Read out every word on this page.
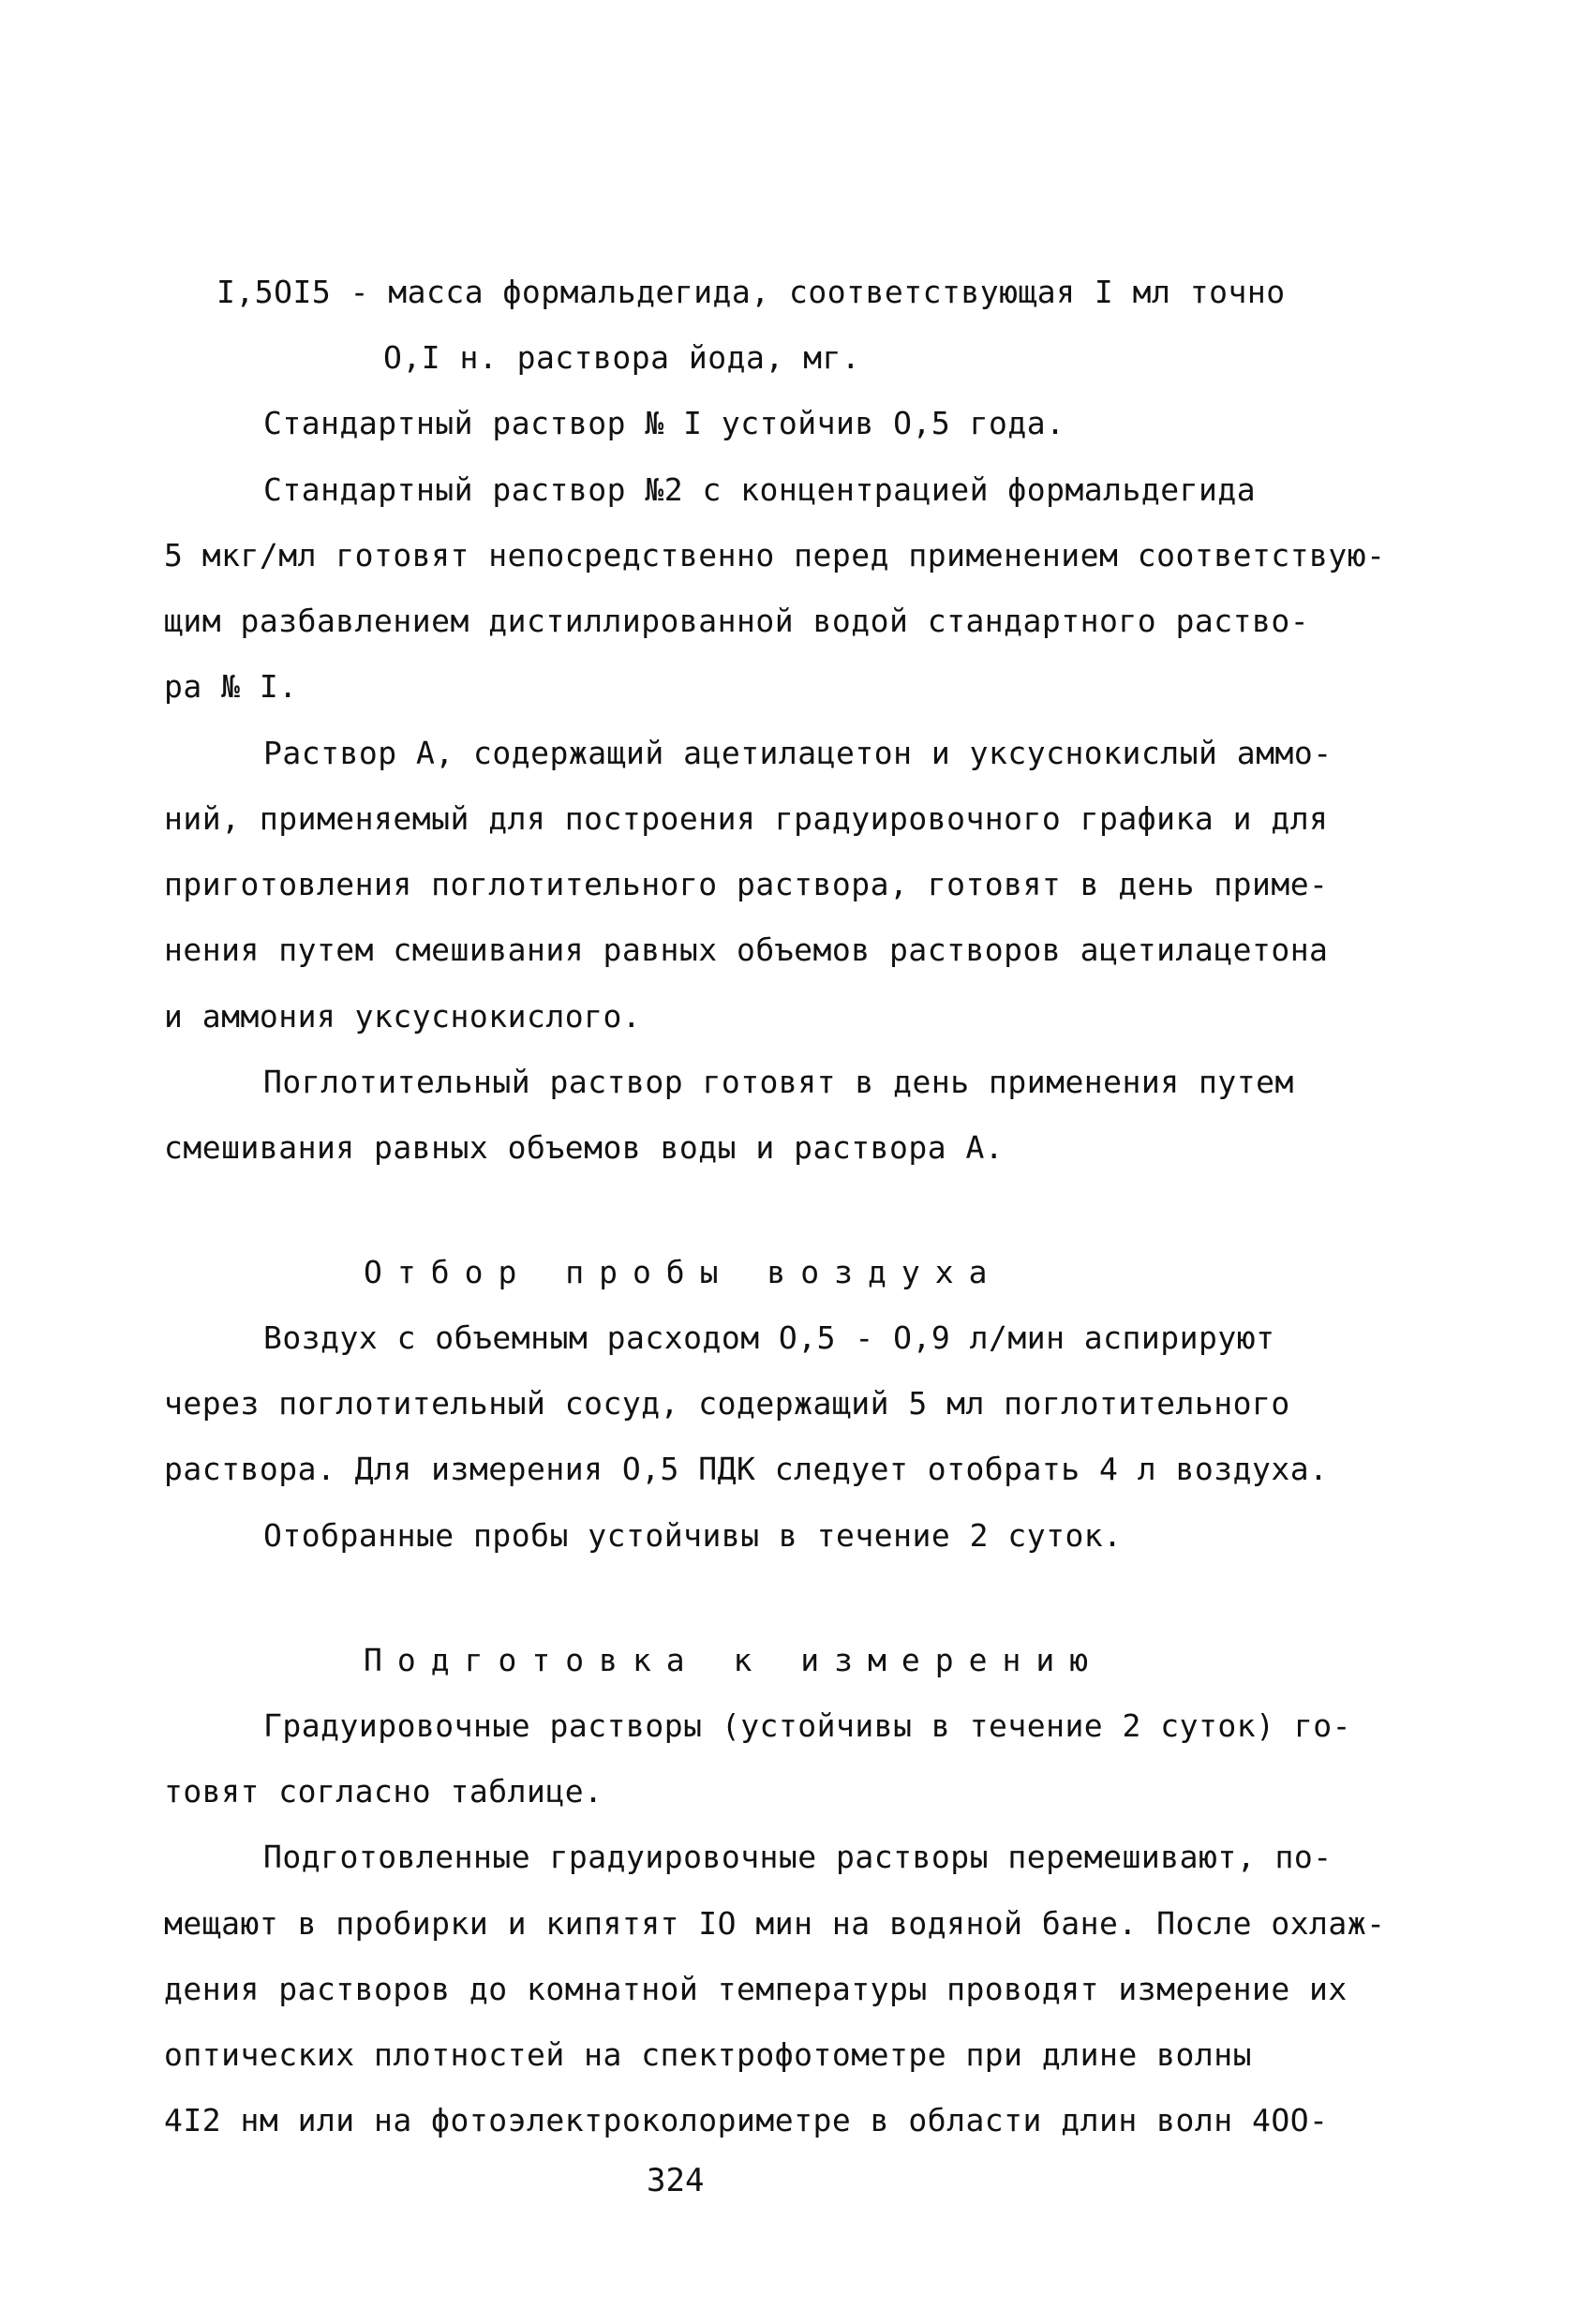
I,5OI5 - масса формальдегида, соответствующая I мл точно
O,I н. раствора йода, мг.
Стандартный раствор № I устойчив O,5 года.
Стандартный раствор №2 с концентрацией формальдегида
5 мкг/мл готовят непосредственно перед применением соответствую-
щим разбавлением дистиллированной водой стандартного раство-
ра № I.
Раствор А, содержащий ацетилацетон и уксуснокислый аммо-
ний, применяемый для построения градуировочного графика и для
приготовления поглотительного раствора, готовят в день приме-
нения путем смешивания равных объемов растворов ацетилацетона
и аммония уксуснокислого.
Поглотительный раствор готовят в день применения путем
смешивания равных объемов воды и раствора А.
Отбор пробы воздуха
Воздух с объемным расходом O,5 - O,9 л/мин аспирируют
через поглотительный сосуд, содержащий 5 мл поглотительного
раствора. Для измерения O,5 ПДК следует отобрать 4 л воздуха.
Отобранные пробы устойчивы в течение 2 суток.
Подготовка к измерению
Градуировочные растворы (устойчивы в течение 2 суток) го-
товят согласно таблице.
Подготовленные градуировочные растворы перемешивают, по-
мещают в пробирки и кипятят IO мин на водяной бане. После охлаж-
дения растворов до комнатной температуры проводят измерение их
оптических плотностей на спектрофотометре при длине волны
4I2 нм или на фотоэлектроколориметре в области длин волн 4OO-
324
